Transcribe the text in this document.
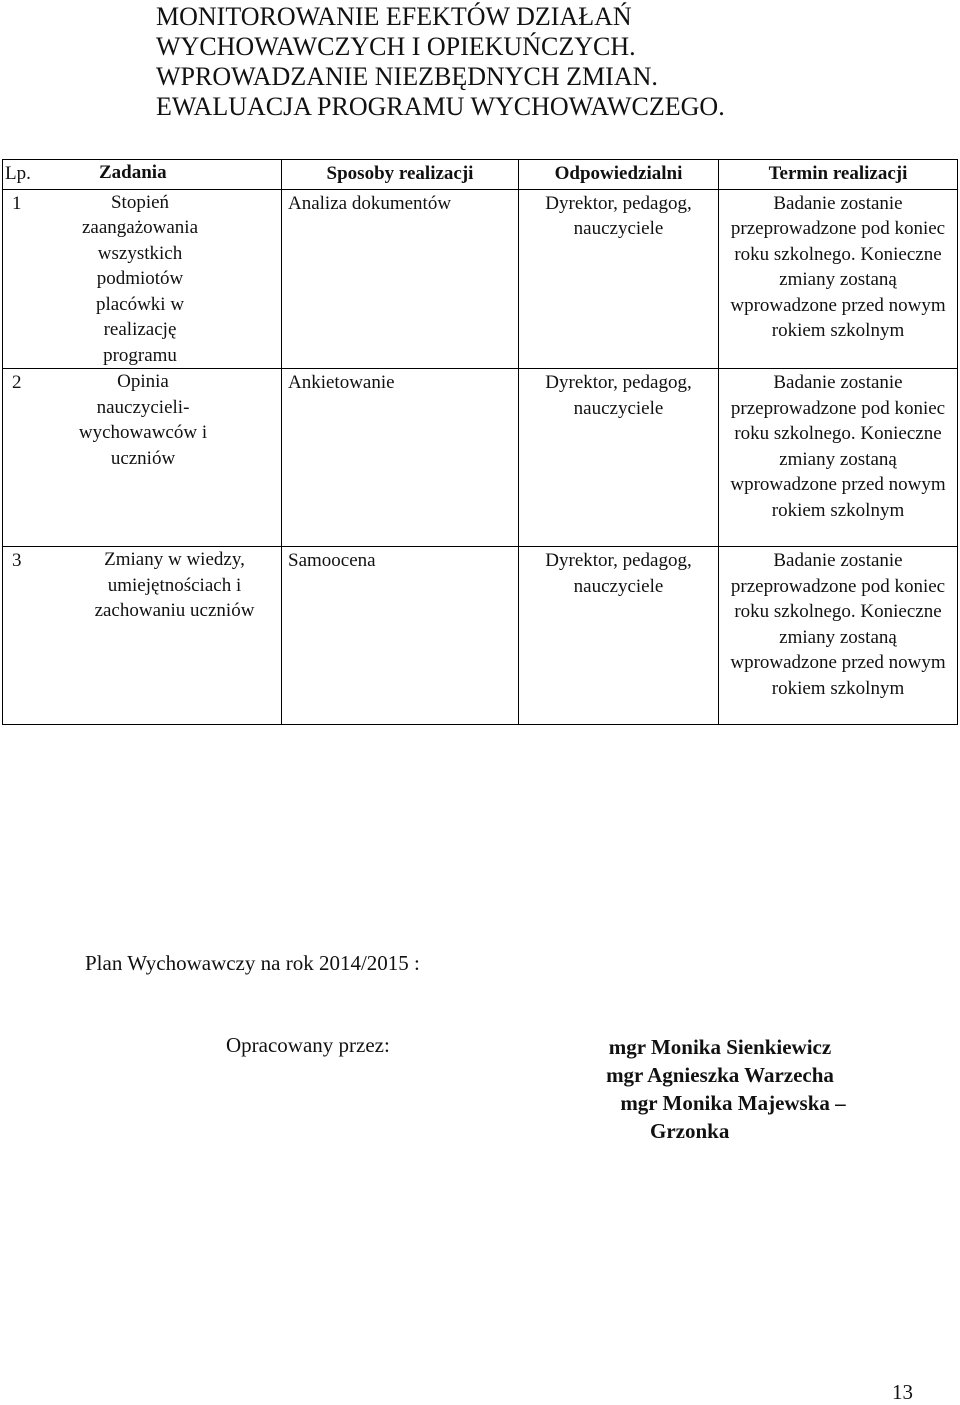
MONITOROWANIE EFEKTÓW DZIAŁAŃ
WYCHOWAWCZYCH I OPIEKUŃCZYCH.
WPROWADZANIE NIEZBĘDNYCH ZMIAN.
EWALUACJA PROGRAMU WYCHOWAWCZEGO.
Lp. Zadania	Sposoby realizacji	Odpowiedzialni	Termin realizacji

1 Stopień zaangażowania wszystkich podmiotów placówki w realizację programu	Analiza dokumentów	Dyrektor, pedagog, nauczyciele	Badanie zostanie przeprowadzone pod koniec roku szkolnego. Konieczne zmiany zostaną wprowadzone przed nowym rokiem szkolnym

2 Opinia nauczycieli-wychowawców i uczniów	Ankietowanie	Dyrektor, pedagog, nauczyciele	Badanie zostanie przeprowadzone pod koniec roku szkolnego. Konieczne zmiany zostaną wprowadzone przed nowym rokiem szkolnym

3 Zmiany w wiedzy, umiejętnościach i zachowaniu uczniów	Samoocena	Dyrektor, pedagog, nauczyciele	Badanie zostanie przeprowadzone pod koniec roku szkolnego. Konieczne zmiany zostaną wprowadzone przed nowym rokiem szkolnym
Plan Wychowawczy na rok 2014/2015 :
Opracowany przez:	mgr Monika Sienkiewicz
mgr Agnieszka Warzecha
mgr Monika Majewska –
Grzonka
13
